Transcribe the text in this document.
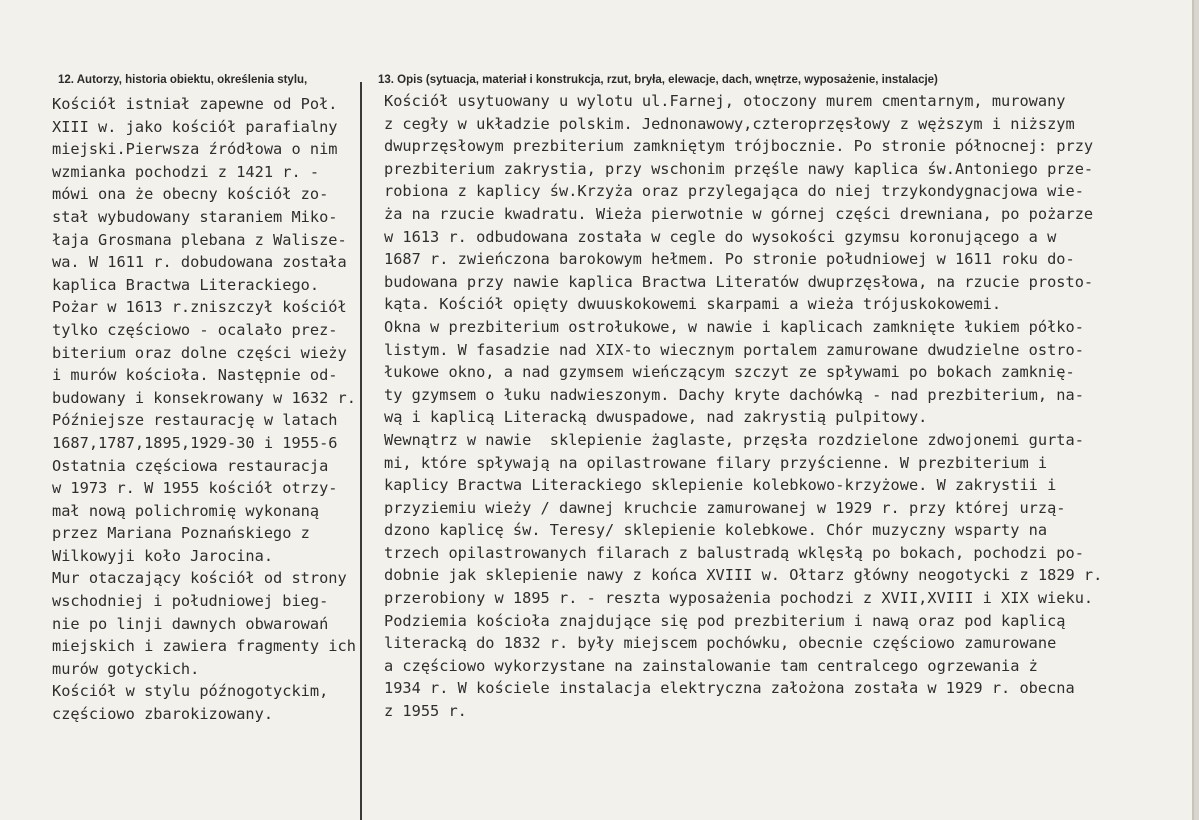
12. Autorzy, historia obiektu, określenia stylu,	13. Opis (sytuacja, materiał i konstrukcja, rzut, bryła, elewacje, dach, wnętrze, wyposażenie, instalacje)
Kościół istniał zapewne od Poł.
XIII w. jako kościół parafialny
miejski.Pierwsza źródłowa o nim
wzmianka pochodzi z 1421 r. -
mówi ona że obecny kościół zo-
stał wybudowany staraniem Miko-
łaja Grosmana plebana z Walisze-
wa. W 1611 r. dobudowana została
kaplica Bractwa Literackiego.
Pożar w 1613 r.zniszczył kościół
tylko częściowo - ocalało prez-
biterium oraz dolne części wieży
i murów kościoła. Następnie od-
budowany i konsekrowany w 1632 r.
Późniejsze restaurację w latach
1687,1787,1895,1929-30 i 1955-6
Ostatnia częściowa restauracja
w 1973 r. W 1955 kościół otrzy-
mał nową polichromię wykonaną
przez Mariana Poznańskiego z
Wilkowyji koło Jarocina.
Mur otaczający kościół od strony
wschodniej i południowej bieg-
nie po linji dawnych obwarowań
miejskich i zawiera fragmenty ich
murów gotyckich.
Kościół w stylu późnogotyckim,
częściowo zbarokizowany.
Kościół usytuowany u wylotu ul.Farnej, otoczony murem cmentarnym, murowany
z cegły w układzie polskim. Jednonawowy,czteroprzęsłowy z węższym i niższym
dwuprzęsłowym prezbiterium zamkniętym trójbocznie. Po stronie północnej: przy
prezbiterium zakrystia, przy wschonim przęśle nawy kaplica św.Antoniego prze-
robiona z kaplicy św.Krzyża oraz przylegająca do niej trzykondygnacjowa wie-
ża na rzucie kwadratu. Wieża pierwotnie w górnej części drewniana, po pożarze
w 1613 r. odbudowana została w cegle do wysokości gzymsu koronującego a w
1687 r. zwieńczona barokowym hełmem. Po stronie południowej w 1611 roku do-
budowana przy nawie kaplica Bractwa Literatów dwuprzęsłowa, na rzucie prosto-
kąta. Kościół opięty dwuuskokowemi skarpami a wieża trójuskokowemi.
Okna w prezbiterium ostrołukowe, w nawie i kaplicach zamknięte łukiem półko-
listym. W fasadzie nad XIX-to wiecznym portalem zamurowane dwudzielne ostro-
łukowe okno, a nad gzymsem wieńczącym szczyt ze spływami po bokach zamknię-
ty gzymsem o łuku nadwieszonym. Dachy kryte dachówką - nad prezbiterium, na-
wą i kaplicą Literacką dwuspadowe, nad zakrystią pulpitowy.
Wewnątrz w nawie  sklepienie żaglaste, przęsła rozdzielone zdwojonemi gurta-
mi, które spływają na opilastrowane filary przyścienne. W prezbiterium i
kaplicy Bractwa Literackiego sklepienie kolebkowo-krzyżowe. W zakrystii i
przyziemiu wieży / dawnej kruchcie zamurowanej w 1929 r. przy której urzą-
dzono kaplicę św. Teresy/ sklepienie kolebkowe. Chór muzyczny wsparty na
trzech opilastrowanych filarach z balustradą wklęsłą po bokach, pochodzi po-
dobnie jak sklepienie nawy z końca XVIII w. Ołtarz główny neogotycki z 1829 r.
przerobiony w 1895 r. - reszta wyposażenia pochodzi z XVII,XVIII i XIX wieku.
Podziemia kościoła znajdujące się pod prezbiterium i nawą oraz pod kaplicą
literacką do 1832 r. były miejscem pochówku, obecnie częściowo zamurowane
a częściowo wykorzystane na zainstalowanie tam centralcego ogrzewania ż
1934 r. W kościele instalacja elektryczna założona została w 1929 r. obecna
z 1955 r.
